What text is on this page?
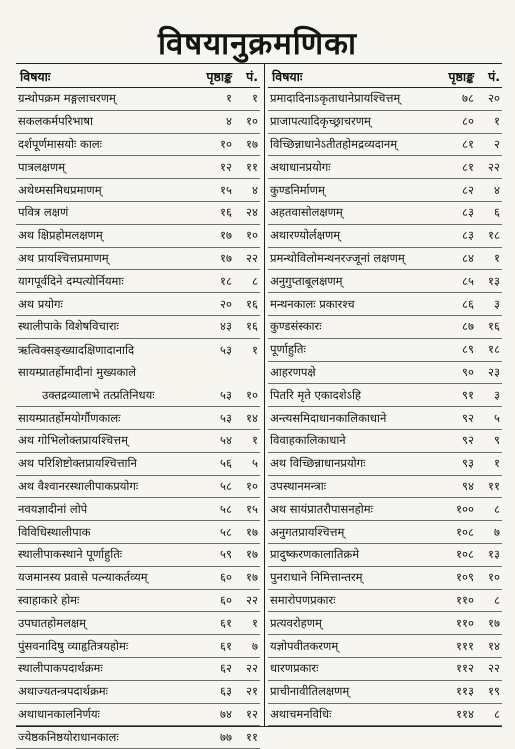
विषयानुक्रमणिका
विषयाः	पृष्ठाङ्क	पं.
ग्रन्थोपक्रम मङ्गलाचरणम्	१	१
सकलकर्मपरिभाषा	४	१०
दर्शपूर्णमासयोः कालः	१०	१७
पात्रलक्षणम्	१२	११
अथेध्मसमिधप्रमाणम्	१५	४
पवित्र लक्षणं	१६	२४
अथ क्षिप्रहोमलक्षणम्	१७	१०
अथ प्रायश्चित्तप्रमाणम्	१७	२२
यागपूर्वदिने दम्पत्योर्नियमाः	१८	८
अथ प्रयोगः	२०	१६
स्थालीपाके विशेषविचाराः	४३	१६
ऋत्विक्सङ्ख्यादक्षिणादानादि	५३	१
सायम्प्रातर्होमादीनां मुख्यकाले
उक्तद्रव्यालाभे तत्प्रतिनिधयः	५३	१०
सायम्प्रातर्होमयोर्गौणकालः	५३	१४
अथ गोभिलोक्तप्रायश्चित्तम्	५४	१
अथ परिशिष्टोक्तप्रायश्चित्तानि	५६	५
अथ वैश्वानरस्थालीपाकप्रयोगः	५८	१०
नवयज्ञादीनां लोपे	५८	१५
विविधिस्थालीपाक	५८	१७
स्थालीपाकस्थाने पूर्णाहुतिः	५९	१७
यजमानस्य प्रवासे पत्न्याकर्तव्यम्	६०	१७
स्वाहाकारे होमः	६०	२२
उपघातहोमलक्षम्	६१	१
पुंसवनादिषु व्याहृतित्रयहोमः	६१	७
स्थालीपाकपदार्थक्रमः	६२	२२
अथाज्यतन्त्रपदार्थक्रमः	६३	२१
अथाधानकालनिर्णयः	७४	१२
ज्येष्ठकनिष्ठयोराधानकालः	७७	११
विषयाः	पृष्ठाङ्क	पं.
प्रमादादिनाऽकृताधानेप्रायश्चित्तम्	७८	२०
प्राजापत्यादिकृच्छ्राचरणम्	८०	१
विच्छिन्नाधानेऽतीतहोमद्रव्यदानम्	८१	२
अथाधानप्रयोगः	८१	२२
कुण्डनिर्माणम्	८२	४
अहतवासोलक्षणम्	८३	६
अथारण्योर्लक्षणम्	८३	१८
प्रमन्थोविलोमन्थनरज्जूनां लक्षणम्	८४	१
अनुगुप्ताबूलक्षणम्	८५	१३
मन्थनकालः प्रकारश्च	८६	३
कुण्डसंस्कारः	८७	१६
पूर्णाहुतिः	८९	१८
आहरणपक्षे	९०	२३
पितरि मृते एकादशेऽहि	९१	३
अन्त्यसमिदाधानकालिकाधाने	९२	५
विवाहकालिकाधाने	९२	९
अथ विच्छिन्नाधानप्रयोगः	९३	१
उपस्थानमन्त्राः	९४	११
अथ सायंप्रातरौपासनहोमः	१००	८
अनुगतप्रायश्चित्तम्	१०८	७
प्रादुष्करणकालातिक्रमे	१०८	१३
पुनराधाने निमित्तान्तरम्	१०९	१०
समारोपणप्रकारः	११०	८
प्रत्यवरोहणम्	११०	१७
यज्ञोपवीतकरणम्	१११	१४
धारणप्रकारः	११२	२२
प्राचीनावीतिलक्षणम्	११३	१९
अथाचमनविधिः	११४	८
